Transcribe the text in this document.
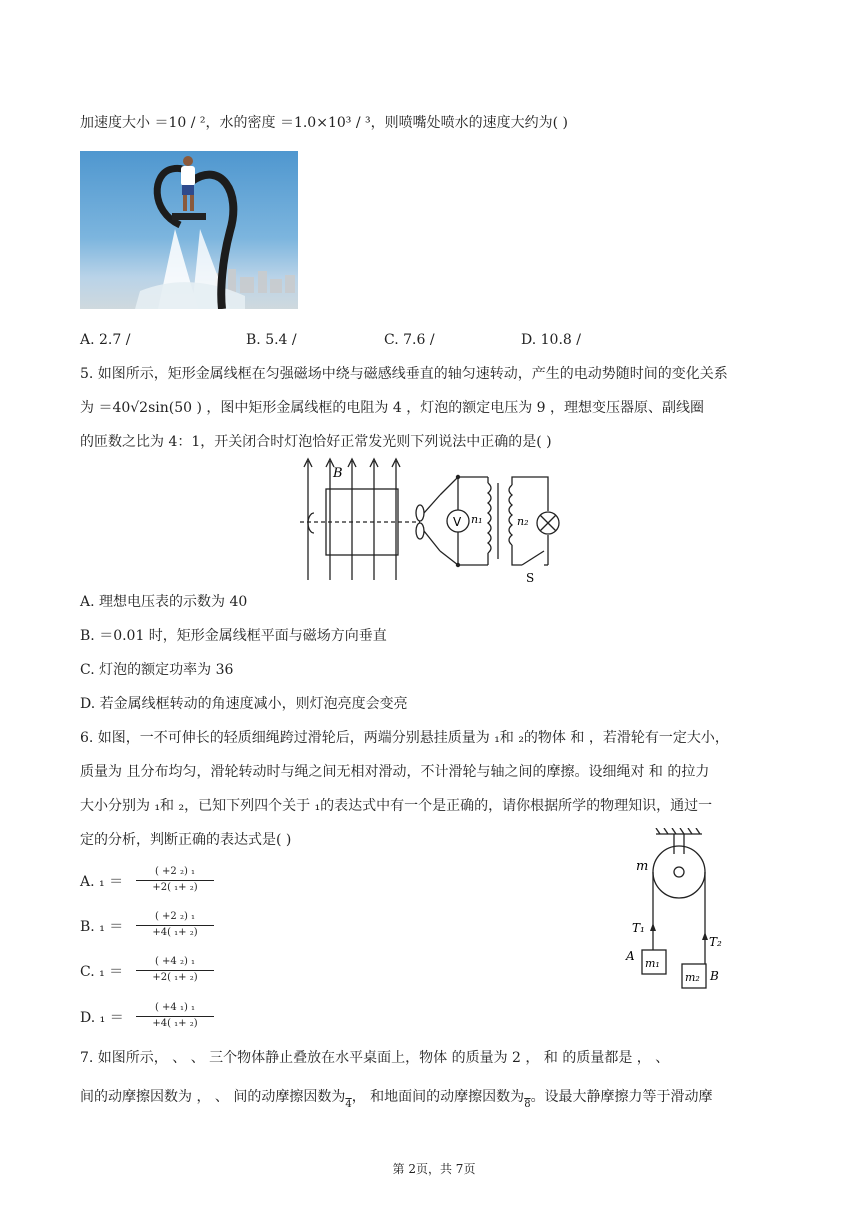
加速度大小 ＝10 / ²，水的密度 ＝1.0×10³ / ³，则喷嘴处喷水的速度大约为( )
A. 2.7 /	B. 5.4 /	C. 7.6 /	D. 10.8 /
5. 如图所示，矩形金属线框在匀强磁场中绕与磁感线垂直的轴匀速转动，产生的电动势随时间的变化关系
为 ＝40√2sin(50 ) ，图中矩形金属线框的电阻为 4 ，灯泡的额定电压为 9 ，理想变压器原、副线圈
的匝数之比为 4：1，开关闭合时灯泡恰好正常发光则下列说法中正确的是( )
B
V n₁	n₂
S
A. 理想电压表的示数为 40
B. ＝0.01 时，矩形金属线框平面与磁场方向垂直
C. 灯泡的额定功率为 36
D. 若金属线框转动的角速度减小，则灯泡亮度会变亮
6. 如图，一不可伸长的轻质细绳跨过滑轮后，两端分别悬挂质量为 ₁和 ₂的物体 和 ，若滑轮有一定大小，
质量为 且分布均匀，滑轮转动时与绳之间无相对滑动，不计滑轮与轴之间的摩擦。设细绳对 和 的拉力
大小分别为 ₁和 ₂，已知下列四个关于 ₁的表达式中有一个是正确的，请你根据所学的物理知识，通过一
定的分析，判断正确的表达式是( )
A. ₁ ＝
( +2 ₂) ₁
+2( ₁+ ₂)
B. ₁ ＝
( +2 ₂) ₁
+4( ₁+ ₂)
C. ₁ ＝
( +4 ₂) ₁
+2( ₁+ ₂)
D. ₁ ＝
( +4 ₁) ₁
+4( ₁+ ₂)
m
T₁
T₂
A
B
m₁
m₂
7. 如图所示， 、 、 三个物体静止叠放在水平桌面上，物体 的质量为 2 ， 和 的质量都是 ， 、
间的动摩擦因数为 ， 、 间的动摩擦因数为$_4$， 和地面间的动摩擦因数为$_8$。设最大静摩擦力等于滑动摩
第 2页，共 7页
